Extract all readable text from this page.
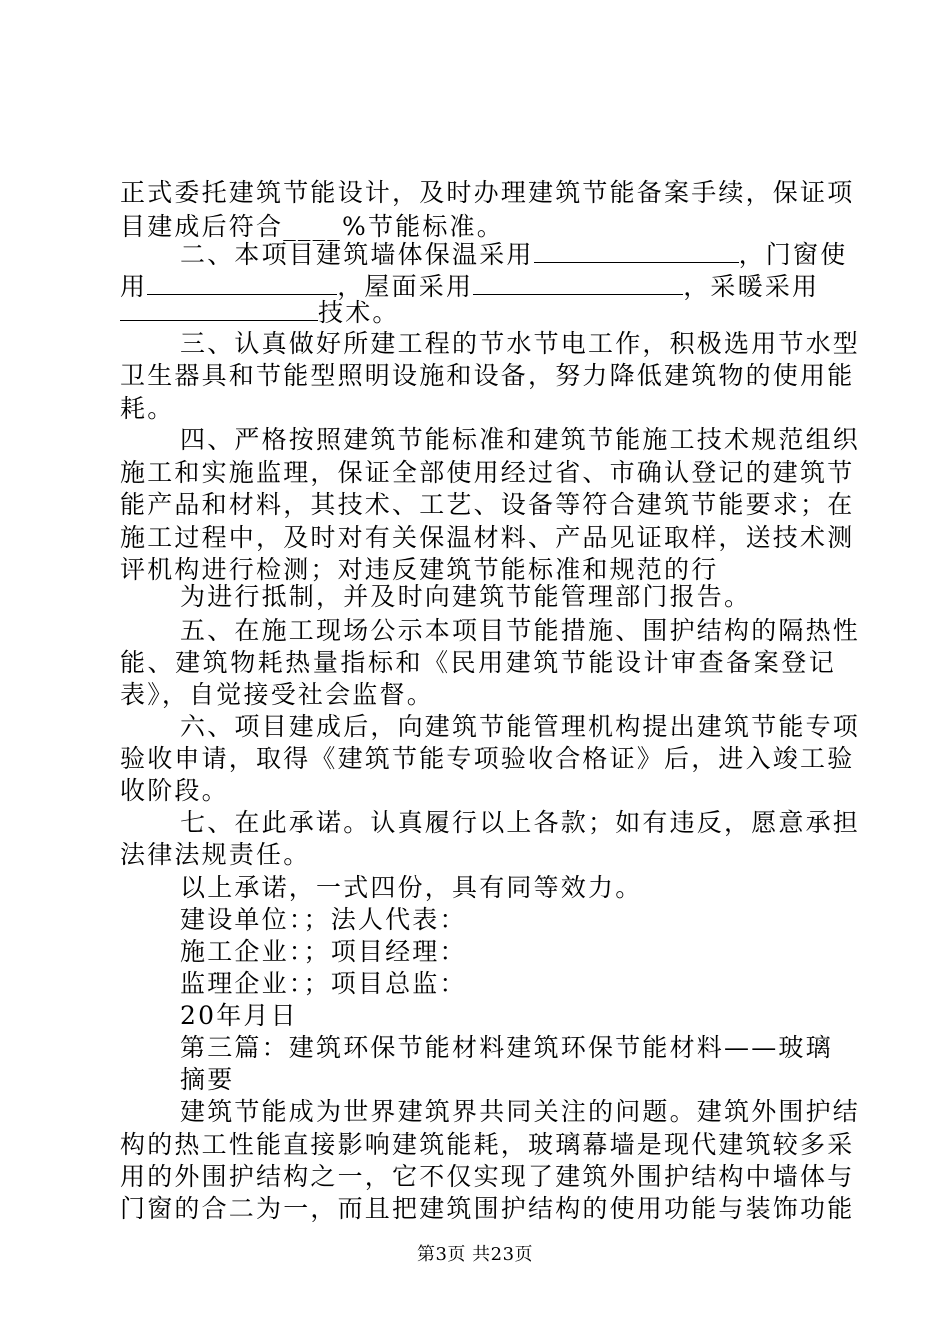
正式委托建筑节能设计，及时办理建筑节能备案手续，保证项
目建成后符合____%节能标准。
二、本项目建筑墙体保温采用	，门窗使
用	，屋面采用	，采暖采用
技术。
三、认真做好所建工程的节水节电工作，积极选用节水型
卫生器具和节能型照明设施和设备，努力降低建筑物的使用能
耗。
四、严格按照建筑节能标准和建筑节能施工技术规范组织
施工和实施监理，保证全部使用经过省、市确认登记的建筑节
能产品和材料，其技术、工艺、设备等符合建筑节能要求；在
施工过程中，及时对有关保温材料、产品见证取样，送技术测
评机构进行检测；对违反建筑节能标准和规范的行
为进行抵制，并及时向建筑节能管理部门报告。
五、在施工现场公示本项目节能措施、围护结构的隔热性
能、建筑物耗热量指标和《民用建筑节能设计审查备案登记
表》，自觉接受社会监督。
六、项目建成后，向建筑节能管理机构提出建筑节能专项
验收申请，取得《建筑节能专项验收合格证》后，进入竣工验
收阶段。
七、在此承诺。认真履行以上各款；如有违反，愿意承担
法律法规责任。
以上承诺，一式四份，具有同等效力。
建设单位：；法人代表：
施工企业：；项目经理：
监理企业：；项目总监：
20年月日
第三篇：建筑环保节能材料建筑环保节能材料——玻璃
摘要
建筑节能成为世界建筑界共同关注的问题。建筑外围护结
构的热工性能直接影响建筑能耗，玻璃幕墙是现代建筑较多采
用的外围护结构之一，它不仅实现了建筑外围护结构中墙体与
门窗的合二为一，而且把建筑围护结构的使用功能与装饰功能
第3页 共23页
